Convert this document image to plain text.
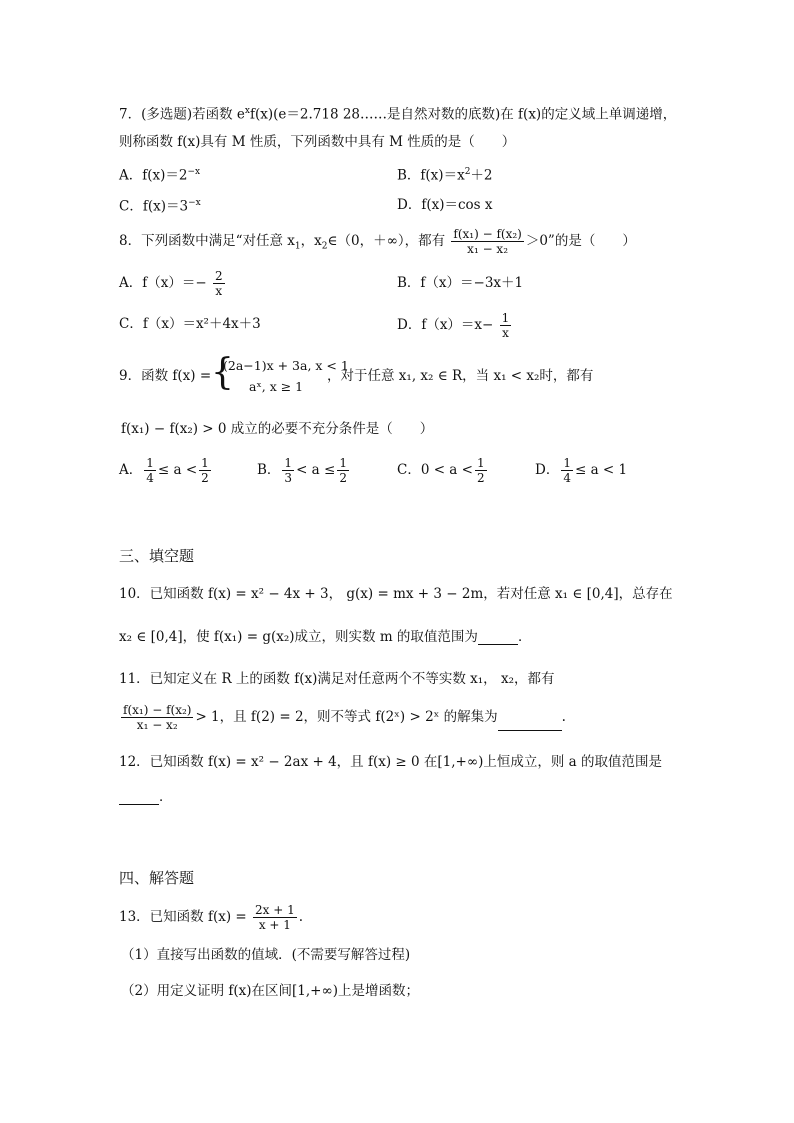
7．(多选题)若函数 $e^xf(x)(e=2.718$ 28……是自然对数的底数)在 f(x)的定义域上单调递增，
则称函数 f(x)具有 M 性质，下列函数中具有 M 性质的是（　　）
A．$f(x)=2^{-x}$	B．$f(x)=x^2+2$
C．$f(x)=3^{-x}$	D．f(x)＝cos x
8．下列函数中满足“对任意 $x_1$，$x_2\in(0$，＋∞），都有 $\frac{\text{f(x₁) − f(x₂)}}{\text{x₁ − x₂}} >0$”的是（　　）
A．$f(x)=- \frac{2}{x}$	B．f（x）＝−3x＋1
C．f（x）＝x²＋4x＋3	D．$f(x)=x- \frac{1}{x}$
9．函数 f(x) = {
(2a−1)x + 3a, x < 1
aˣ, x ≥ 1
，对于任意 x₁, x₂ ∈ R，当 x₁ < x₂时，都有
f(x₁) − f(x₂) > 0 成立的必要不充分条件是（　　）
A． $\frac{1}{4} \le a < \frac{1}{2}$	B． $\frac{1}{3} < a \le \frac{1}{2}$	C．$0 < a < \frac{1}{2}$	D． $\frac{1}{4} \le a < 1$
三、填空题
10．已知函数 f(x) = x² − 4x + 3， g(x) = mx + 3 − 2m，若对任意 x₁ ∈ [0,4]，总存在
x₂ ∈ [0,4]，使 f(x₁) = g(x₂)成立，则实数 m 的取值范围为	．
11．已知定义在 R 上的函数 f(x)满足对任意两个不等实数 x₁， x₂，都有
$\frac{\text{f(x₁) − f(x₂)}}{\text{x₁ − x₂}} > 1$，且 f(2) = 2，则不等式 f(2ˣ) > 2ˣ 的解集为	.
12．已知函数 f(x) = x² − 2ax + 4，且 f(x) ≥ 0 在[1,+∞)上恒成立，则 a 的取值范围是
．
四、解答题
13．已知函数 $f(x) = \frac{2x + 1}{x + 1}$ .
（1）直接写出函数的值域．(不需要写解答过程)
（2）用定义证明 f(x)在区间[1,+∞)上是增函数；
